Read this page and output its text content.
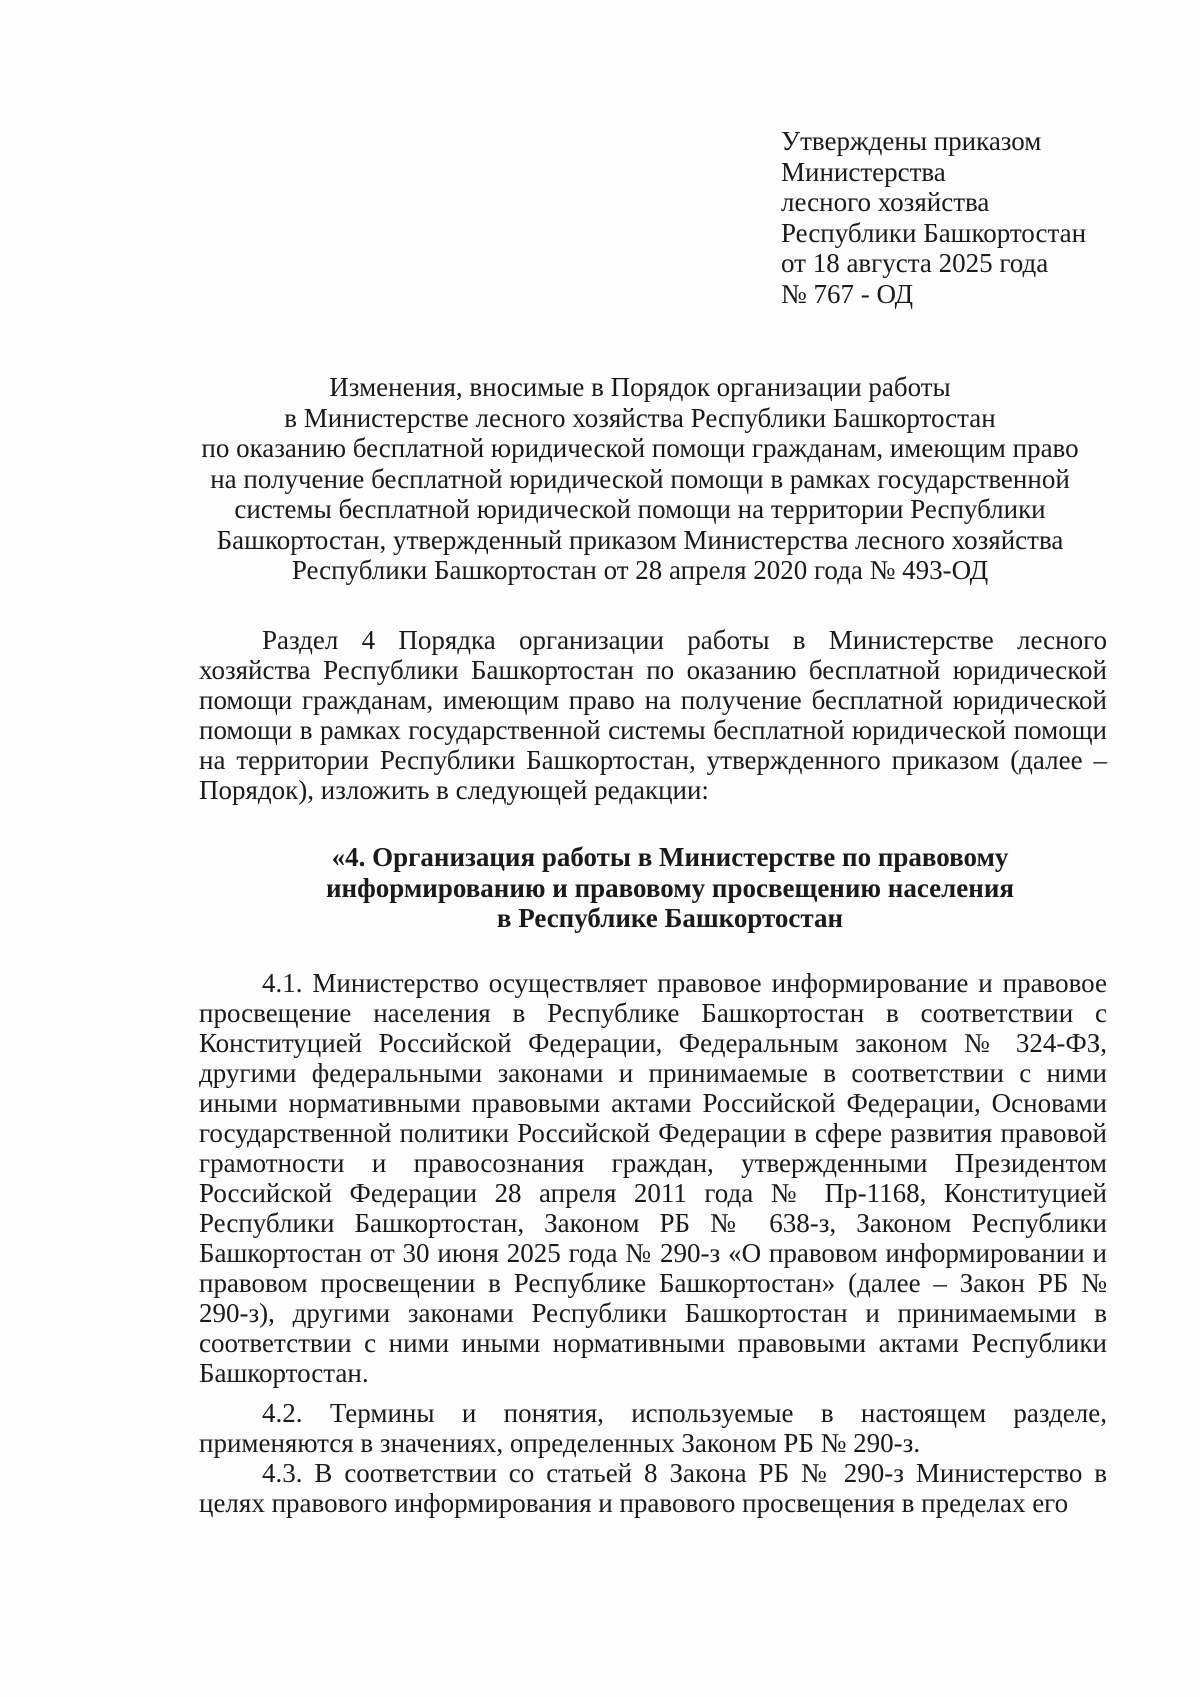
Утверждены приказом
Министерства
лесного хозяйства
Республики Башкортостан
от 18 августа 2025 года
№ 767 - ОД
Изменения, вносимые в Порядок организации работы
в Министерстве лесного хозяйства Республики Башкортостан
по оказанию бесплатной юридической помощи гражданам, имеющим право
на получение бесплатной юридической помощи в рамках государственной
системы бесплатной юридической помощи на территории Республики
Башкортостан, утвержденный приказом Министерства лесного хозяйства
Республики Башкортостан от 28 апреля 2020 года № 493-ОД
Раздел 4 Порядка организации работы в Министерстве лесного хозяйства Республики Башкортостан по оказанию бесплатной юридической помощи гражданам, имеющим право на получение бесплатной юридической помощи в рамках государственной системы бесплатной юридической помощи на территории Республики Башкортостан, утвержденного приказом (далее – Порядок), изложить в следующей редакции:
«4. Организация работы в Министерстве по правовому
информированию и правовому просвещению населения
в Республике Башкортостан
4.1. Министерство осуществляет правовое информирование и правовое просвещение населения в Республике Башкортостан в соответствии с Конституцией Российской Федерации, Федеральным законом № 324-ФЗ, другими федеральными законами и принимаемые в соответствии с ними иными нормативными правовыми актами Российской Федерации, Основами государственной политики Российской Федерации в сфере развития правовой грамотности и правосознания граждан, утвержденными Президентом Российской Федерации 28 апреля 2011 года № Пр-1168, Конституцией Республики Башкортостан, Законом РБ № 638-з, Законом Республики Башкортостан от 30 июня 2025 года № 290-з «О правовом информировании и правовом просвещении в Республике Башкортостан» (далее – Закон РБ № 290-з), другими законами Республики Башкортостан и принимаемыми в соответствии с ними иными нормативными правовыми актами Республики Башкортостан.
4.2. Термины и понятия, используемые в настоящем разделе, применяются в значениях, определенных Законом РБ № 290-з.
4.3. В соответствии со статьей 8 Закона РБ № 290-з Министерство в целях правового информирования и правового просвещения в пределах его
